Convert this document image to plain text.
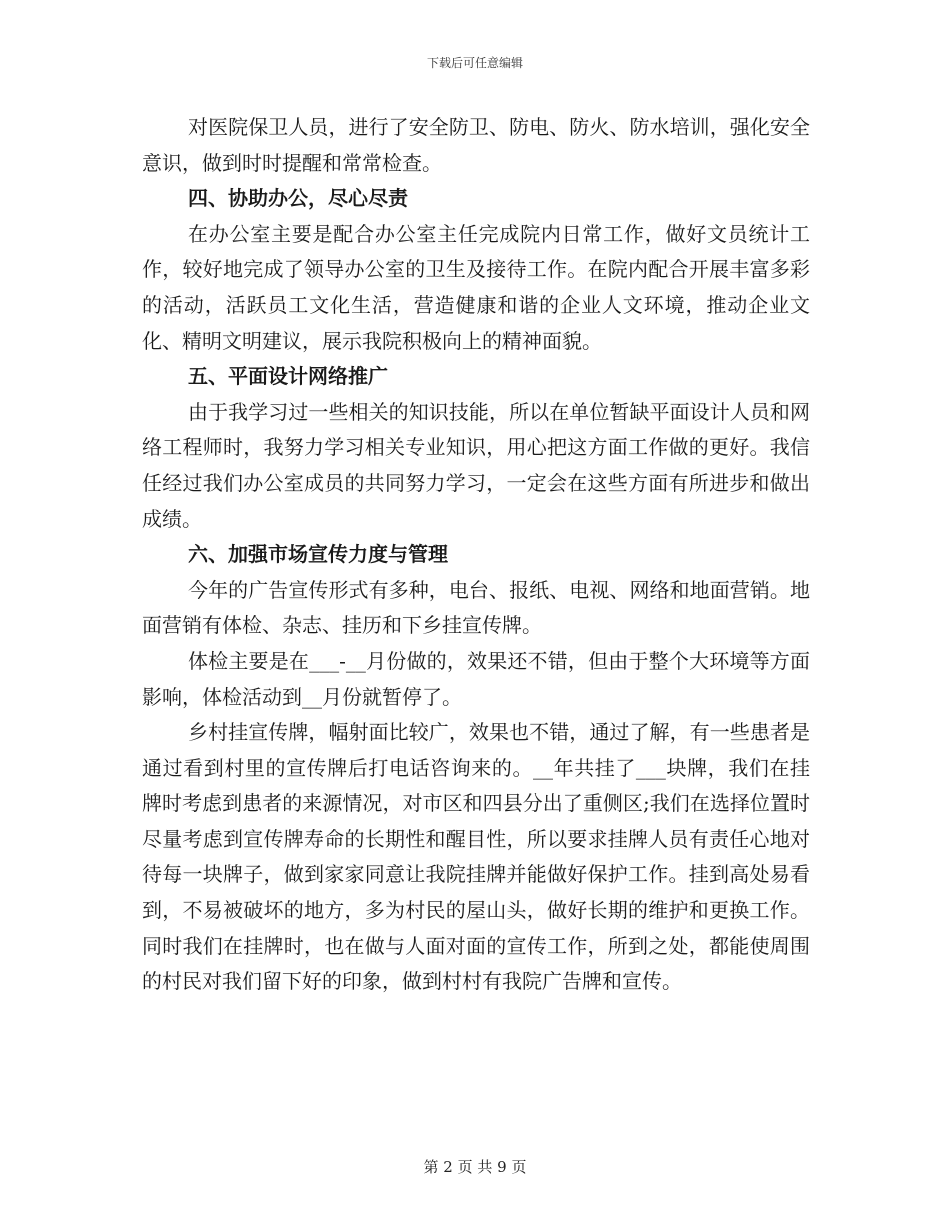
下载后可任意编辑

对医院保卫人员，进行了安全防卫、防电、防火、防水培训，强化安全意识，做到时时提醒和常常检查。

四、协助办公，尽心尽责

在办公室主要是配合办公室主任完成院内日常工作，做好文员统计工作，较好地完成了领导办公室的卫生及接待工作。在院内配合开展丰富多彩的活动，活跃员工文化生活，营造健康和谐的企业人文环境，推动企业文化、精明文明建议，展示我院积极向上的精神面貌。

五、平面设计网络推广

由于我学习过一些相关的知识技能，所以在单位暂缺平面设计人员和网络工程师时，我努力学习相关专业知识，用心把这方面工作做的更好。我信任经过我们办公室成员的共同努力学习，一定会在这些方面有所进步和做出成绩。

六、加强市场宣传力度与管理

今年的广告宣传形式有多种，电台、报纸、电视、网络和地面营销。地面营销有体检、杂志、挂历和下乡挂宣传牌。

体检主要是在___-__月份做的，效果还不错，但由于整个大环境等方面影响，体检活动到__月份就暂停了。

乡村挂宣传牌，幅射面比较广，效果也不错，通过了解，有一些患者是通过看到村里的宣传牌后打电话咨询来的。__年共挂了___块牌，我们在挂牌时考虑到患者的来源情况，对市区和四县分出了重侧区;我们在选择位置时尽量考虑到宣传牌寿命的长期性和醒目性，所以要求挂牌人员有责任心地对待每一块牌子，做到家家同意让我院挂牌并能做好保护工作。挂到高处易看到，不易被破坏的地方，多为村民的屋山头，做好长期的维护和更换工作。同时我们在挂牌时，也在做与人面对面的宣传工作，所到之处，都能使周围的村民对我们留下好的印象，做到村村有我院广告牌和宣传。

第 2 页 共 9 页
